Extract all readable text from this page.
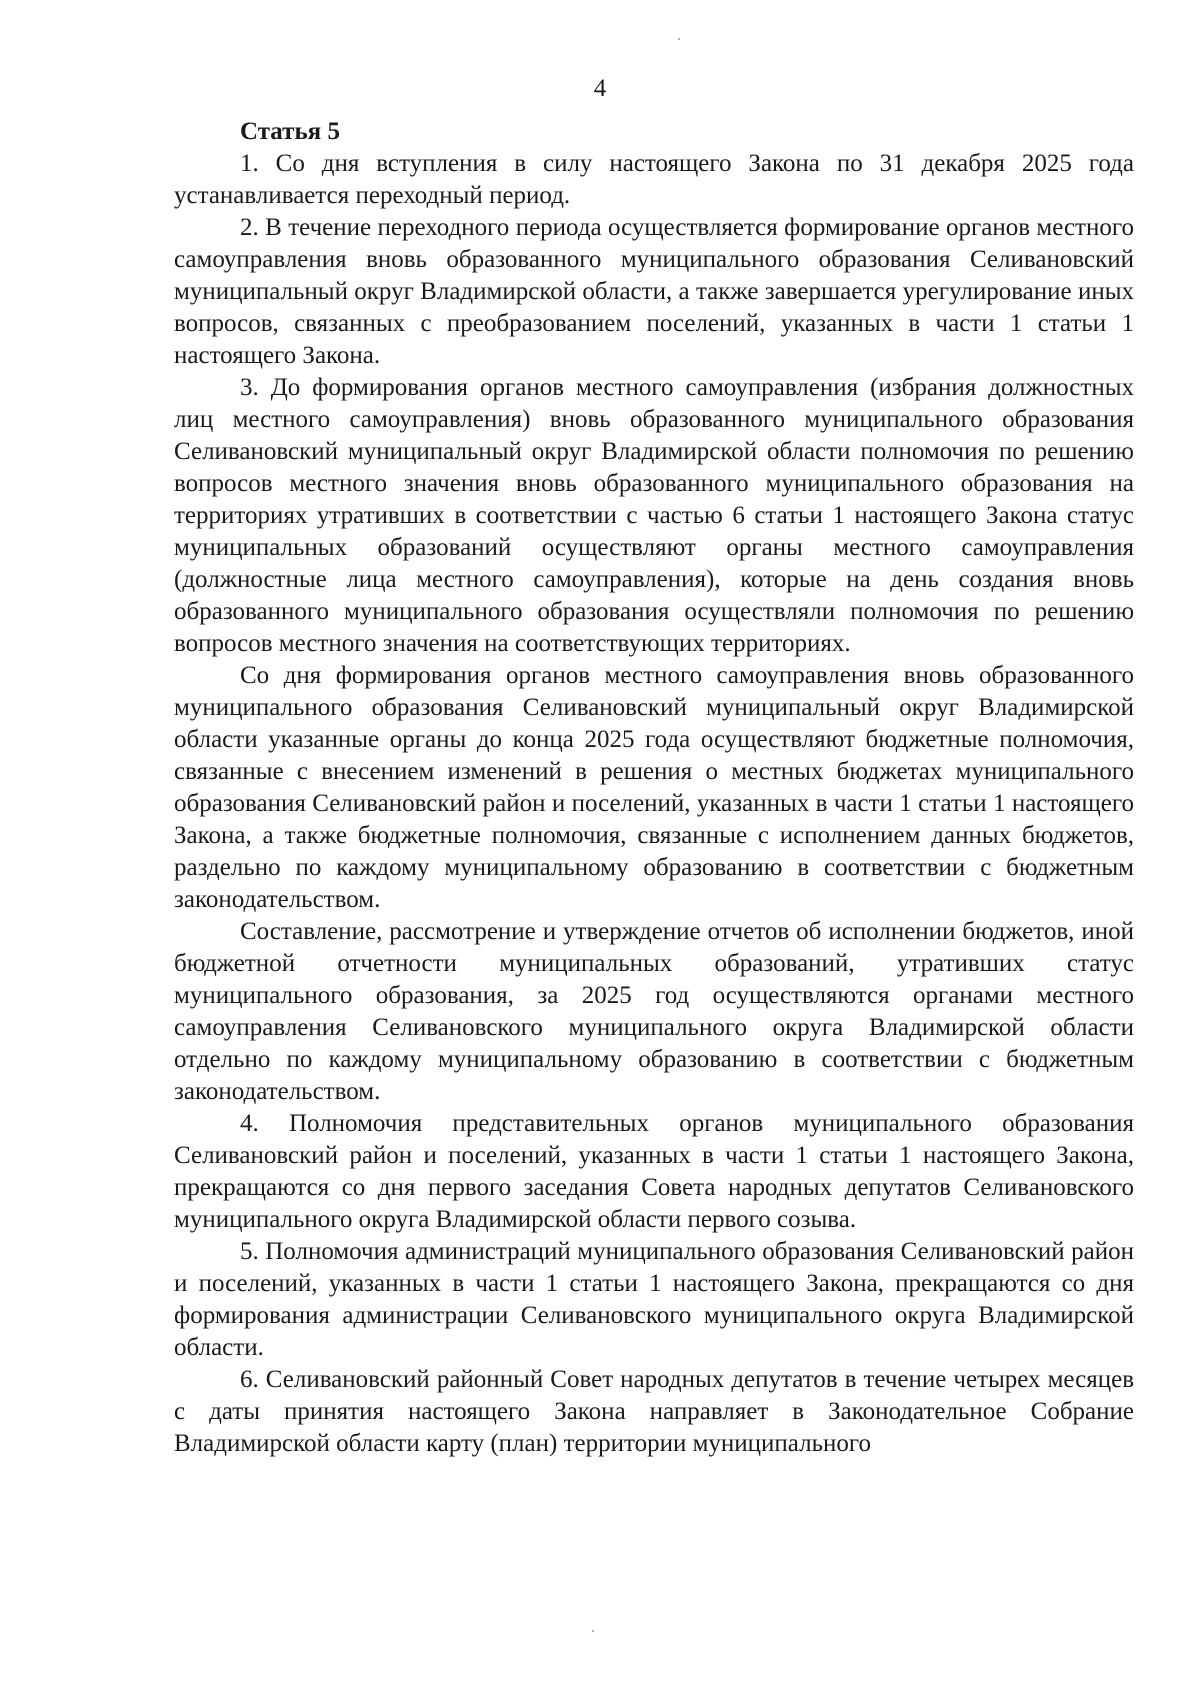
4
Статья 5

1. Со дня вступления в силу настоящего Закона по 31 декабря 2025 года устанавливается переходный период.

2. В течение переходного периода осуществляется формирование органов местного самоуправления вновь образованного муниципального образования Селивановский муниципальный округ Владимирской области, а также завершается урегулирование иных вопросов, связанных с преобразованием поселений, указанных в части 1 статьи 1 настоящего Закона.

3. До формирования органов местного самоуправления (избрания должностных лиц местного самоуправления) вновь образованного муниципального образования Селивановский муниципальный округ Владимирской области полномочия по решению вопросов местного значения вновь образованного муниципального образования на территориях утративших в соответствии с частью 6 статьи 1 настоящего Закона статус муниципальных образований осуществляют органы местного самоуправления (должностные лица местного самоуправления), которые на день создания вновь образованного муниципального образования осуществляли полномочия по решению вопросов местного значения на соответствующих территориях.

Со дня формирования органов местного самоуправления вновь образованного муниципального образования Селивановский муниципальный округ Владимирской области указанные органы до конца 2025 года осуществляют бюджетные полномочия, связанные с внесением изменений в решения о местных бюджетах муниципального образования Селивановский район и поселений, указанных в части 1 статьи 1 настоящего Закона, а также бюджетные полномочия, связанные с исполнением данных бюджетов, раздельно по каждому муниципальному образованию в соответствии с бюджетным законодательством.

Составление, рассмотрение и утверждение отчетов об исполнении бюджетов, иной бюджетной отчетности муниципальных образований, утративших статус муниципального образования, за 2025 год осуществляются органами местного самоуправления Селивановского муниципального округа Владимирской области отдельно по каждому муниципальному образованию в соответствии с бюджетным законодательством.

4. Полномочия представительных органов муниципального образования Селивановский район и поселений, указанных в части 1 статьи 1 настоящего Закона, прекращаются со дня первого заседания Совета народных депутатов Селивановского муниципального округа Владимирской области первого созыва.

5. Полномочия администраций муниципального образования Селивановский район и поселений, указанных в части 1 статьи 1 настоящего Закона, прекращаются со дня формирования администрации Селивановского муниципального округа Владимирской области.

6. Селивановский районный Совет народных депутатов в течение четырех месяцев с даты принятия настоящего Закона направляет в Законодательное Собрание Владимирской области карту (план) территории муниципального
